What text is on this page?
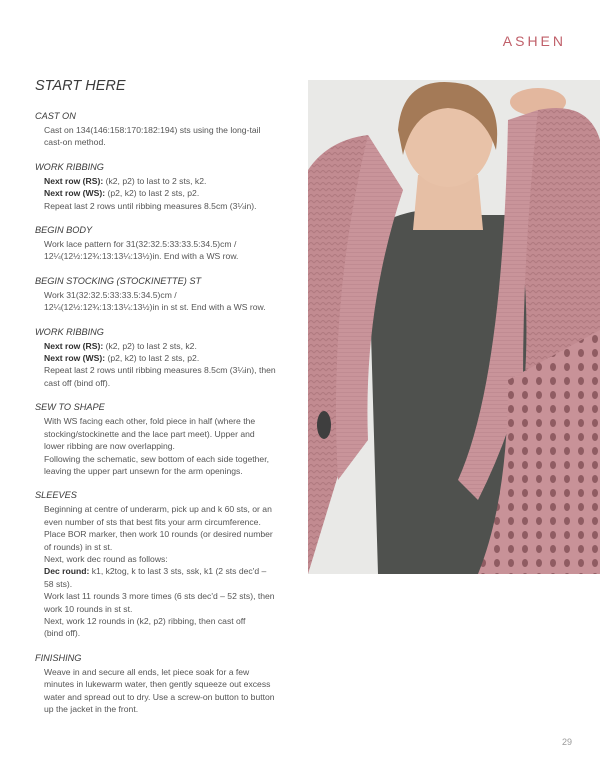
ASHEN
START HERE
CAST ON
Cast on 134(146:158:170:182:194) sts using the long-tail
cast-on method.
WORK RIBBING
Next row (RS): (k2, p2) to last to 2 sts, k2.
Next row (WS): (p2, k2) to last 2 sts, p2.
Repeat last 2 rows until ribbing measures 8.5cm (3¼in).
BEGIN BODY
Work lace pattern for 31(32:32.5:33:33.5:34.5)cm /
12¼(12½:12¾:13:13¼:13½)in. End with a WS row.
BEGIN STOCKING (STOCKINETTE) ST
Work 31(32:32.5:33:33.5:34.5)cm /
12¼(12½:12¾:13:13¼:13½)in in st st. End with a WS row.
WORK RIBBING
Next row (RS): (k2, p2) to last 2 sts, k2.
Next row (WS): (p2, k2) to last 2 sts, p2.
Repeat last 2 rows until ribbing measures 8.5cm (3¼in), then
cast off (bind off).
SEW TO SHAPE
With WS facing each other, fold piece in half (where the
stocking/stockinette and the lace part meet). Upper and
lower ribbing are now overlapping.
Following the schematic, sew bottom of each side together,
leaving the upper part unsewn for the arm openings.
SLEEVES
Beginning at centre of underarm, pick up and k 60 sts, or an
even number of sts that best fits your arm circumference.
Place BOR marker, then work 10 rounds (or desired number
of rounds) in st st.
Next, work dec round as follows:
Dec round: k1, k2tog, k to last 3 sts, ssk, k1 (2 sts dec'd –
58 sts).
Work last 11 rounds 3 more times (6 sts dec'd – 52 sts), then
work 10 rounds in st st.
Next, work 12 rounds in (k2, p2) ribbing, then cast off
(bind off).
FINISHING
Weave in and secure all ends, let piece soak for a few
minutes in lukewarm water, then gently squeeze out excess
water and spread out to dry. Use a screw-on button to button
up the jacket in the front.
29
